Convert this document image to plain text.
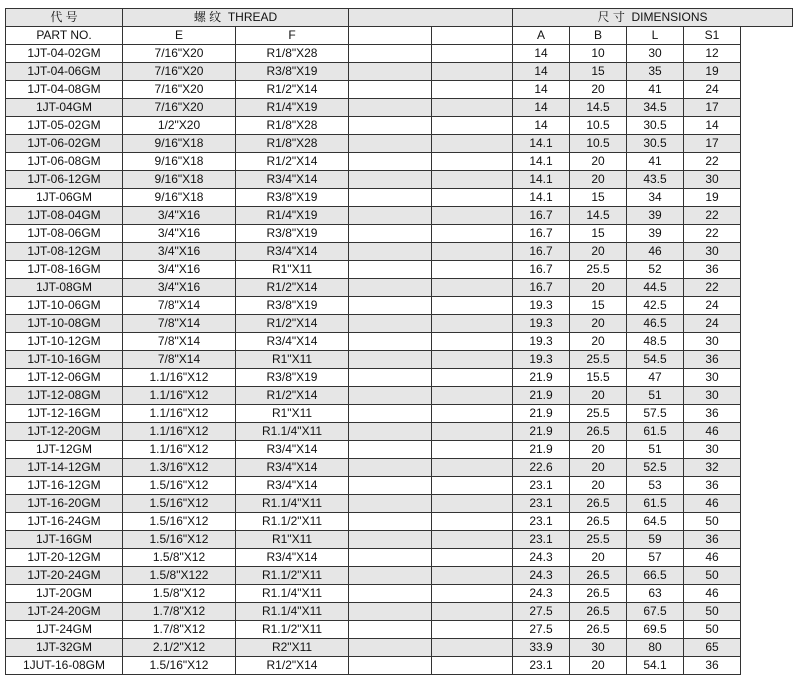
代 号	螺 纹 THREAD				尺 寸 DIMENSIONS			
PART NO.	E	F			A	B	L	S1
1JT-04-02GM	7/16"X20	R1/8"X28			14	10	30	12
1JT-04-06GM	7/16"X20	R3/8"X19			14	15	35	19
1JT-04-08GM	7/16"X20	R1/2"X14			14	20	41	24
1JT-04GM	7/16"X20	R1/4"X19			14	14.5	34.5	17
1JT-05-02GM	1/2"X20	R1/8"X28			14	10.5	30.5	14
1JT-06-02GM	9/16"X18	R1/8"X28			14.1	10.5	30.5	17
1JT-06-08GM	9/16"X18	R1/2"X14			14.1	20	41	22
1JT-06-12GM	9/16"X18	R3/4"X14			14.1	20	43.5	30
1JT-06GM	9/16"X18	R3/8"X19			14.1	15	34	19
1JT-08-04GM	3/4"X16	R1/4"X19			16.7	14.5	39	22
1JT-08-06GM	3/4"X16	R3/8"X19			16.7	15	39	22
1JT-08-12GM	3/4"X16	R3/4"X14			16.7	20	46	30
1JT-08-16GM	3/4"X16	R1"X11			16.7	25.5	52	36
1JT-08GM	3/4"X16	R1/2"X14			16.7	20	44.5	22
1JT-10-06GM	7/8"X14	R3/8"X19			19.3	15	42.5	24
1JT-10-08GM	7/8"X14	R1/2"X14			19.3	20	46.5	24
1JT-10-12GM	7/8"X14	R3/4"X14			19.3	20	48.5	30
1JT-10-16GM	7/8"X14	R1"X11			19.3	25.5	54.5	36
1JT-12-06GM	1.1/16"X12	R3/8"X19			21.9	15.5	47	30
1JT-12-08GM	1.1/16"X12	R1/2"X14			21.9	20	51	30
1JT-12-16GM	1.1/16"X12	R1"X11			21.9	25.5	57.5	36
1JT-12-20GM	1.1/16"X12	R1.1/4"X11			21.9	26.5	61.5	46
1JT-12GM	1.1/16"X12	R3/4"X14			21.9	20	51	30
1JT-14-12GM	1.3/16"X12	R3/4"X14			22.6	20	52.5	32
1JT-16-12GM	1.5/16"X12	R3/4"X14			23.1	20	53	36
1JT-16-20GM	1.5/16"X12	R1.1/4"X11			23.1	26.5	61.5	46
1JT-16-24GM	1.5/16"X12	R1.1/2"X11			23.1	26.5	64.5	50
1JT-16GM	1.5/16"X12	R1"X11			23.1	25.5	59	36
1JT-20-12GM	1.5/8"X12	R3/4"X14			24.3	20	57	46
1JT-20-24GM	1.5/8"X122	R1.1/2"X11			24.3	26.5	66.5	50
1JT-20GM	1.5/8"X12	R1.1/4"X11			24.3	26.5	63	46
1JT-24-20GM	1.7/8"X12	R1.1/4"X11			27.5	26.5	67.5	50
1JT-24GM	1.7/8"X12	R1.1/2"X11			27.5	26.5	69.5	50
1JT-32GM	2.1/2"X12	R2"X11			33.9	30	80	65
1JUT-16-08GM	1.5/16"X12	R1/2"X14			23.1	20	54.1	36
